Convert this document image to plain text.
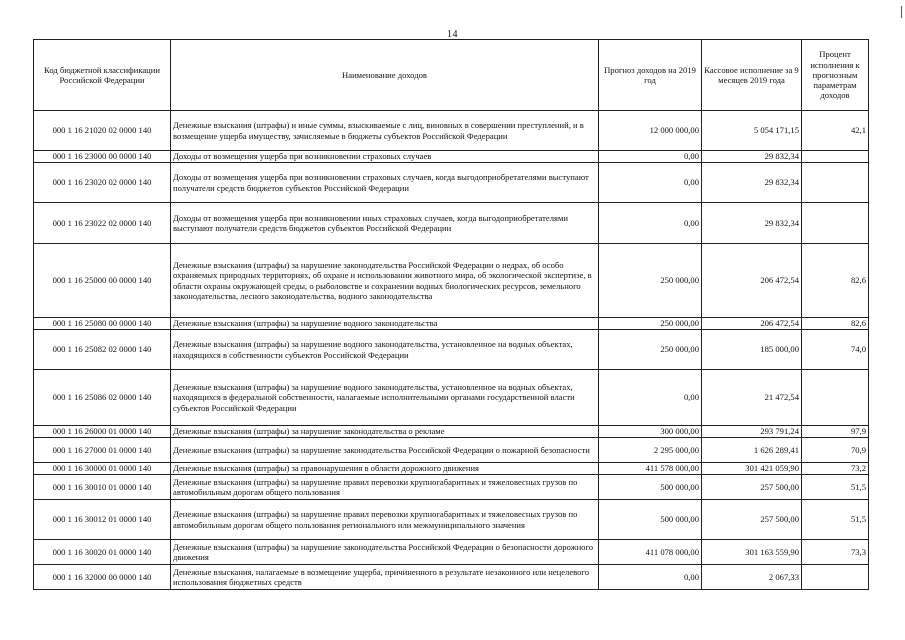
14
Код бюджетной классификации Российской Федерации	Наименование доходов	Прогноз доходов на 2019 год	Кассовое исполнение за 9 месяцев 2019 года	Процент исполнения к прогнозным параметрам доходов
000 1 16 21020 02 0000 140	Денежные взыскания (штрафы) и иные суммы, взыскиваемые с лиц, виновных в совершении преступлений, и в возмещение ущерба имуществу, зачисляемые в бюджеты субъектов Российской Федерации	12 000 000,00	5 054 171,15	42,1
000 1 16 23000 00 0000 140	Доходы от возмещения ущерба при возникновении страховых случаев	0,00	29 832,34	
000 1 16 23020 02 0000 140	Доходы от возмещения ущерба при возникновении страховых случаев, когда выгодоприобретателями выступают получатели средств бюджетов субъектов Российской Федерации	0,00	29 832,34	
000 1 16 23022 02 0000 140	Доходы от возмещения ущерба при возникновении иных страховых случаев, когда выгодоприобретателями выступают получатели средств бюджетов субъектов Российской Федерации	0,00	29 832,34	
000 1 16 25000 00 0000 140	Денежные взыскания (штрафы) за нарушение законодательства Российской Федерации о недрах, об особо охраняемых природных территориях, об охране и использовании животного мира, об экологической экспертизе, в области охраны окружающей среды, о рыболовстве и сохранении водных биологических ресурсов, земельного законодательства, лесного законодательства, водного законодательства	250 000,00	206 472,54	82,6
000 1 16 25080 00 0000 140	Денежные взыскания (штрафы) за нарушение водного законодательства	250 000,00	206 472,54	82,6
000 1 16 25082 02 0000 140	Денежные взыскания (штрафы) за нарушение водного законодательства, установленное на водных объектах, находящихся в собственности субъектов Российской Федерации	250 000,00	185 000,00	74,0
000 1 16 25086 02 0000 140	Денежные взыскания (штрафы) за нарушение водного законодательства, установленное на водных объектах, находящихся в федеральной собственности, налагаемые исполнительными органами государственной власти субъектов Российской Федерации	0,00	21 472,54	
000 1 16 26000 01 0000 140	Денежные взыскания (штрафы) за нарушение законодательства о рекламе	300 000,00	293 791,24	97,9
000 1 16 27000 01 0000 140	Денежные взыскания (штрафы) за нарушение законодательства Российской Федерации о пожарной безопасности	2 295 000,00	1 626 289,41	70,9
000 1 16 30000 01 0000 140	Денежные взыскания (штрафы) за правонарушения в области дорожного движения	411 578 000,00	301 421 059,90	73,2
000 1 16 30010 01 0000 140	Денежные взыскания (штрафы) за нарушение правил перевозки крупногабаритных и тяжеловесных грузов по автомобильным дорогам общего пользования	500 000,00	257 500,00	51,5
000 1 16 30012 01 0000 140	Денежные взыскания (штрафы) за нарушение правил перевозки крупногабаритных и тяжеловесных грузов по автомобильным дорогам общего пользования регионального или межмуниципального значения	500 000,00	257 500,00	51,5
000 1 16 30020 01 0000 140	Денежные взыскания (штрафы) за нарушение законодательства Российской Федерации о безопасности дорожного движения	411 078 000,00	301 163 559,90	73,3
000 1 16 32000 00 0000 140	Денежные взыскания, налагаемые в возмещение ущерба, причиненного в результате незаконного или нецелевого использования бюджетных средств	0,00	2 067,33	
